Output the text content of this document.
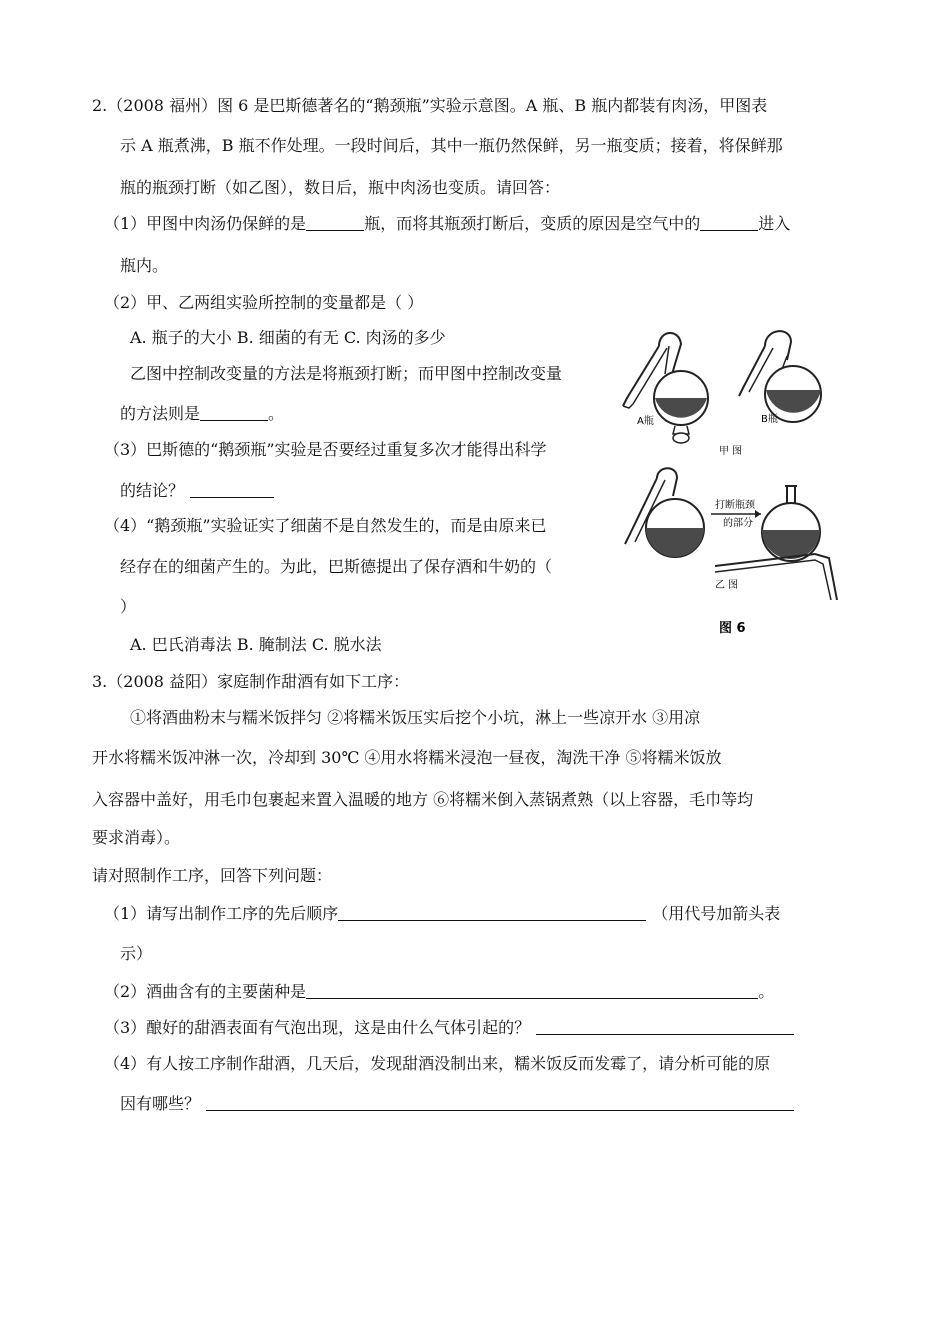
2.（2008 福州）图 6 是巴斯德著名的“鹅颈瓶”实验示意图。A 瓶、B 瓶内都装有肉汤，甲图表
示 A 瓶煮沸，B 瓶不作处理。一段时间后，其中一瓶仍然保鲜，另一瓶变质；接着，将保鲜那
瓶的瓶颈打断（如乙图），数日后，瓶中肉汤也变质。请回答：
（1）甲图中肉汤仍保鲜的是	瓶，而将其瓶颈打断后，变质的原因是空气中的	进入
瓶内。
（2）甲、乙两组实验所控制的变量都是（ ）
A. 瓶子的大小 B. 细菌的有无 C. 肉汤的多少
乙图中控制改变量的方法是将瓶颈打断；而甲图中控制改变量
的方法则是	。
（3）巴斯德的“鹅颈瓶”实验是否要经过重复多次才能得出科学
的结论？
（4）“鹅颈瓶”实验证实了细菌不是自然发生的，而是由原来已
经存在的细菌产生的。为此，巴斯德提出了保存酒和牛奶的（
）
A. 巴氏消毒法 B. 腌制法 C. 脱水法
A瓶	B瓶
甲 图
打断瓶颈
的部分
乙 图
图 6
3.（2008 益阳）家庭制作甜酒有如下工序：
①将酒曲粉末与糯米饭拌匀 ②将糯米饭压实后挖个小坑，淋上一些凉开水 ③用凉
开水将糯米饭冲淋一次，冷却到 30℃ ④用水将糯米浸泡一昼夜，淘洗干净 ⑤将糯米饭放
入容器中盖好，用毛巾包裹起来置入温暖的地方 ⑥将糯米倒入蒸锅煮熟（以上容器，毛巾等均
要求消毒）。
请对照制作工序，回答下列问题：
（1）请写出制作工序的先后顺序	（用代号加箭头表
示）
（2）酒曲含有的主要菌种是	。
（3）酿好的甜酒表面有气泡出现，这是由什么气体引起的？
（4）有人按工序制作甜酒，几天后，发现甜酒没制出来，糯米饭反而发霉了，请分析可能的原
因有哪些？
